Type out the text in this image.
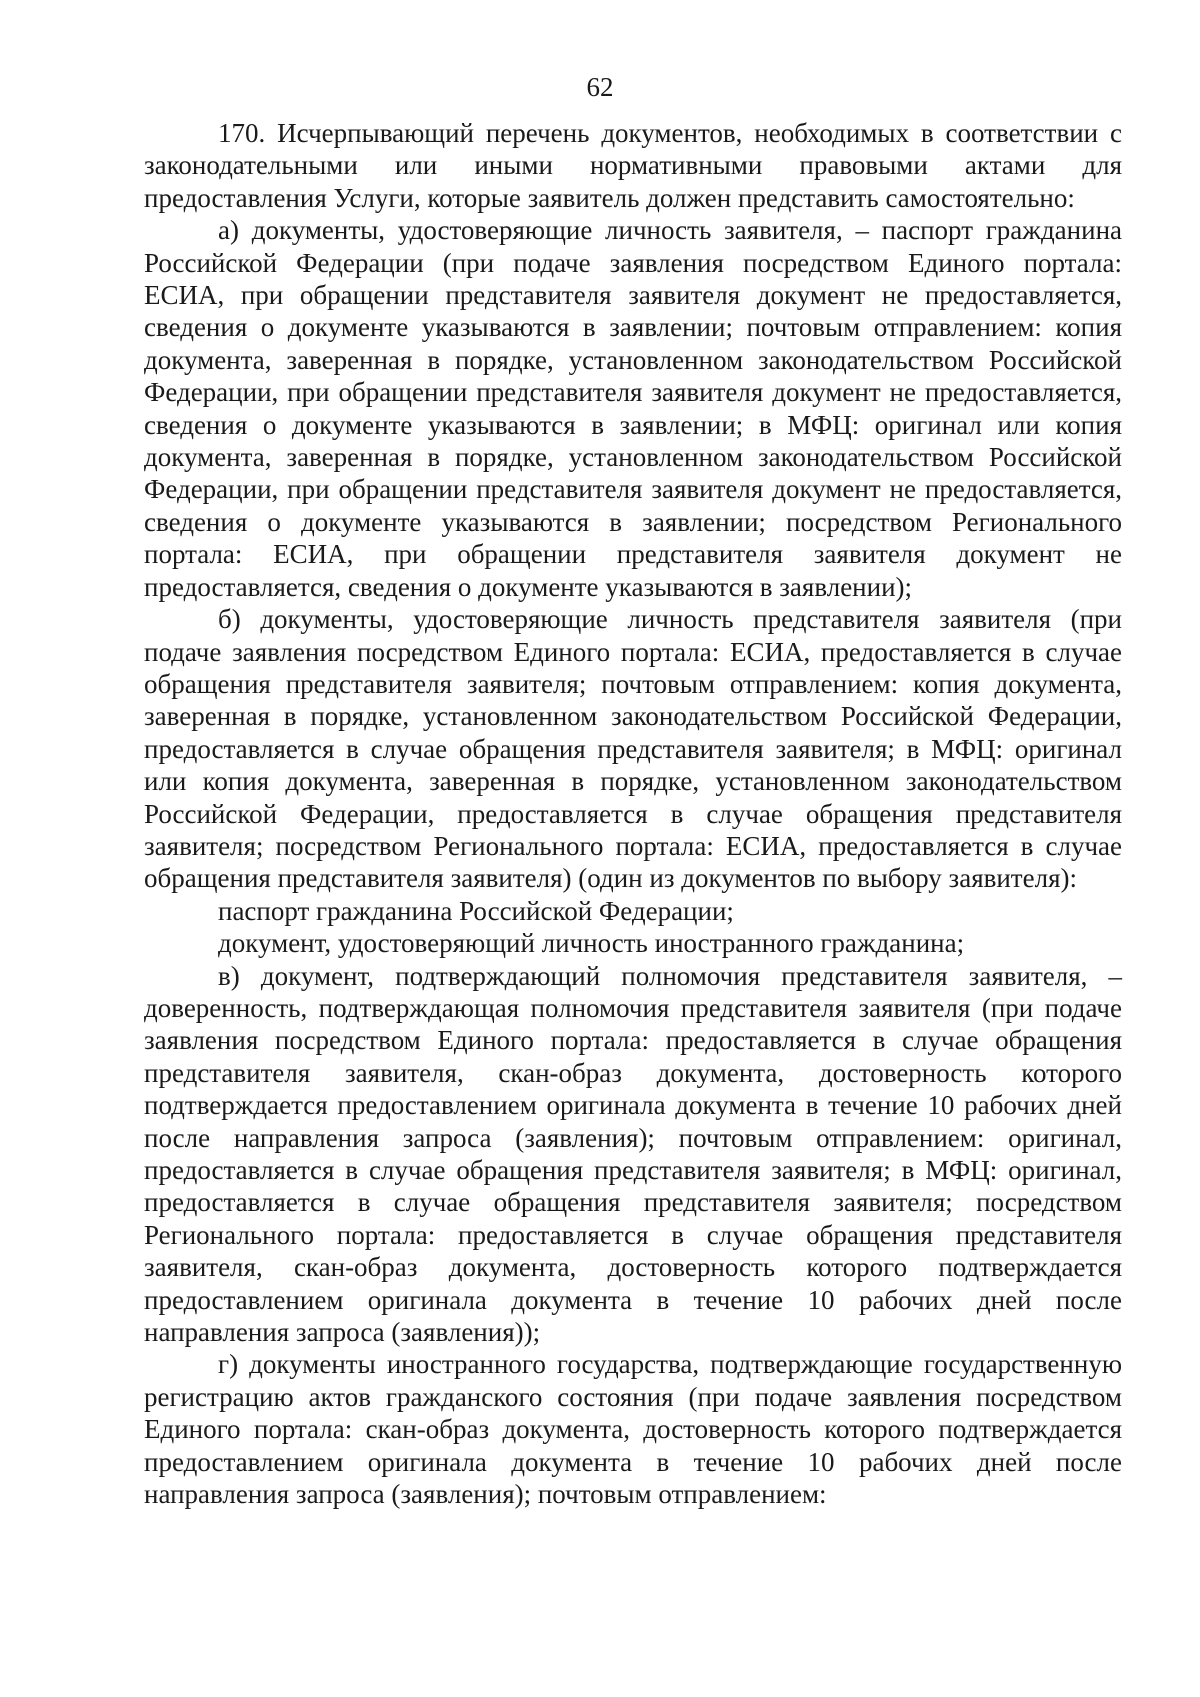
62

170. Исчерпывающий перечень документов, необходимых в соответствии с законодательными или иными нормативными правовыми актами для предоставления Услуги, которые заявитель должен представить самостоятельно:

а) документы, удостоверяющие личность заявителя, – паспорт гражданина Российской Федерации (при подаче заявления посредством Единого портала: ЕСИА, при обращении представителя заявителя документ не предоставляется, сведения о документе указываются в заявлении; почтовым отправлением: копия документа, заверенная в порядке, установленном законодательством Российской Федерации, при обращении представителя заявителя документ не предоставляется, сведения о документе указываются в заявлении; в МФЦ: оригинал или копия документа, заверенная в порядке, установленном законодательством Российской Федерации, при обращении представителя заявителя документ не предоставляется, сведения о документе указываются в заявлении; посредством Регионального портала: ЕСИА, при обращении представителя заявителя документ не предоставляется, сведения о документе указываются в заявлении);

б) документы, удостоверяющие личность представителя заявителя (при подаче заявления посредством Единого портала: ЕСИА, предоставляется в случае обращения представителя заявителя; почтовым отправлением: копия документа, заверенная в порядке, установленном законодательством Российской Федерации, предоставляется в случае обращения представителя заявителя; в МФЦ: оригинал или копия документа, заверенная в порядке, установленном законодательством Российской Федерации, предоставляется в случае обращения представителя заявителя; посредством Регионального портала: ЕСИА, предоставляется в случае обращения представителя заявителя) (один из документов по выбору заявителя):

паспорт гражданина Российской Федерации;

документ, удостоверяющий личность иностранного гражданина;

в) документ, подтверждающий полномочия представителя заявителя, – доверенность, подтверждающая полномочия представителя заявителя (при подаче заявления посредством Единого портала: предоставляется в случае обращения представителя заявителя, скан-образ документа, достоверность которого подтверждается предоставлением оригинала документа в течение 10 рабочих дней после направления запроса (заявления); почтовым отправлением: оригинал, предоставляется в случае обращения представителя заявителя; в МФЦ: оригинал, предоставляется в случае обращения представителя заявителя; посредством Регионального портала: предоставляется в случае обращения представителя заявителя, скан-образ документа, достоверность которого подтверждается предоставлением оригинала документа в течение 10 рабочих дней после направления запроса (заявления));

г) документы иностранного государства, подтверждающие государственную регистрацию актов гражданского состояния (при подаче заявления посредством Единого портала: скан-образ документа, достоверность которого подтверждается предоставлением оригинала документа в течение 10 рабочих дней после направления запроса (заявления); почтовым отправлением:
